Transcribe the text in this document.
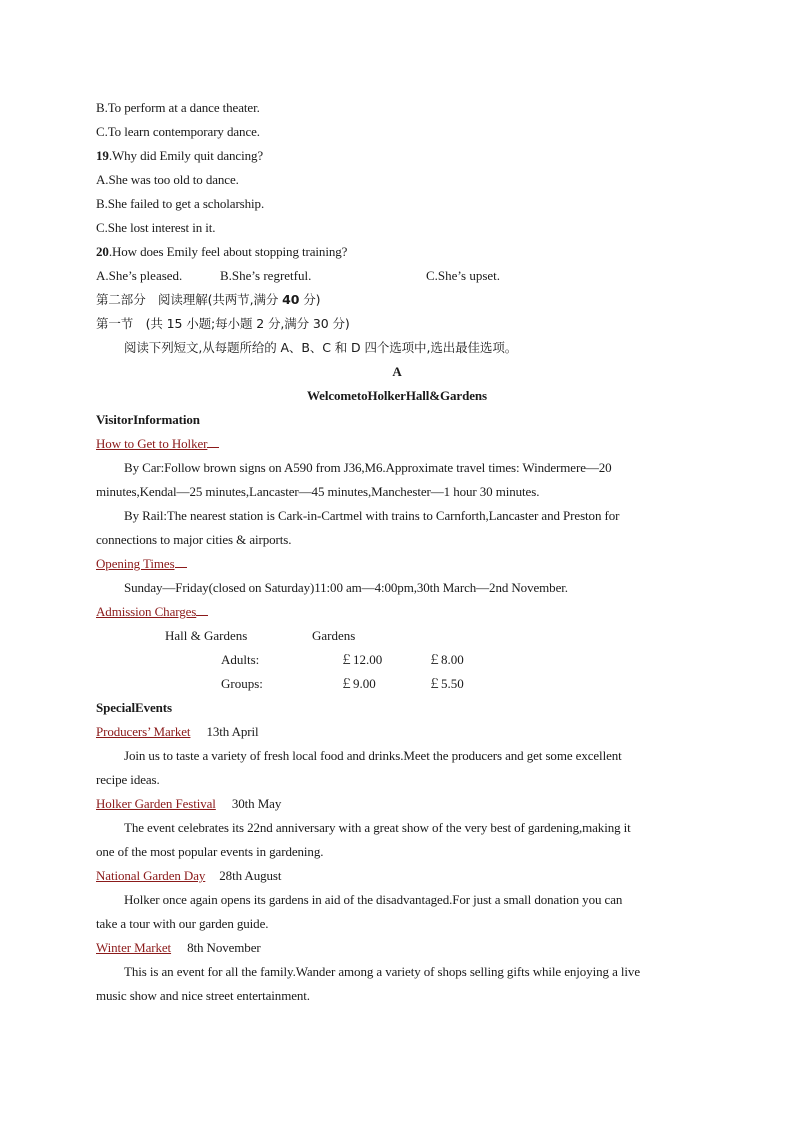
B.To perform at a dance theater.
C.To learn contemporary dance.
19.Why did Emily quit dancing?
A.She was too old to dance.
B.She failed to get a scholarship.
C.She lost interest in it.
20.How does Emily feel about stopping training?
A.She’s pleased.	B.She’s regretful.	C.She’s upset.
第二部分　阅读理解(共两节,满分 40 分)
第一节　(共 15 小题;每小题 2 分,满分 30 分)
阅读下列短文,从每题所给的 A、B、C 和 D 四个选项中,选出最佳选项。
A
WelcometoHolkerHall&Gardens
VisitorInformation
How to Get to Holker
By Car:Follow brown signs on A590 from J36,M6.Approximate travel times: Windermere—20
minutes,Kendal—25 minutes,Lancaster—45 minutes,Manchester—1 hour 30 minutes.
By Rail:The nearest station is Cark-in-Cartmel with trains to Carnforth,Lancaster and Preston for
connections to major cities & airports.
Opening Times
Sunday—Friday(closed on Saturday)11:00 am—4:00pm,30th March—2nd November.
Admission Charges
Hall & Gardens	Gardens
Adults:	￡12.00	￡8.00
Groups:	￡9.00	￡5.50
SpecialEvents
Producers’ Market 13th April
Join us to taste a variety of fresh local food and drinks.Meet the producers and get some excellent
recipe ideas.
Holker Garden Festival 30th May
The event celebrates its 22nd anniversary with a great show of the very best of gardening,making it
one of the most popular events in gardening.
National Garden Day 28th August
Holker once again opens its gardens in aid of the disadvantaged.For just a small donation you can
take a tour with our garden guide.
Winter Market 8th November
This is an event for all the family.Wander among a variety of shops selling gifts while enjoying a live
music show and nice street entertainment.
